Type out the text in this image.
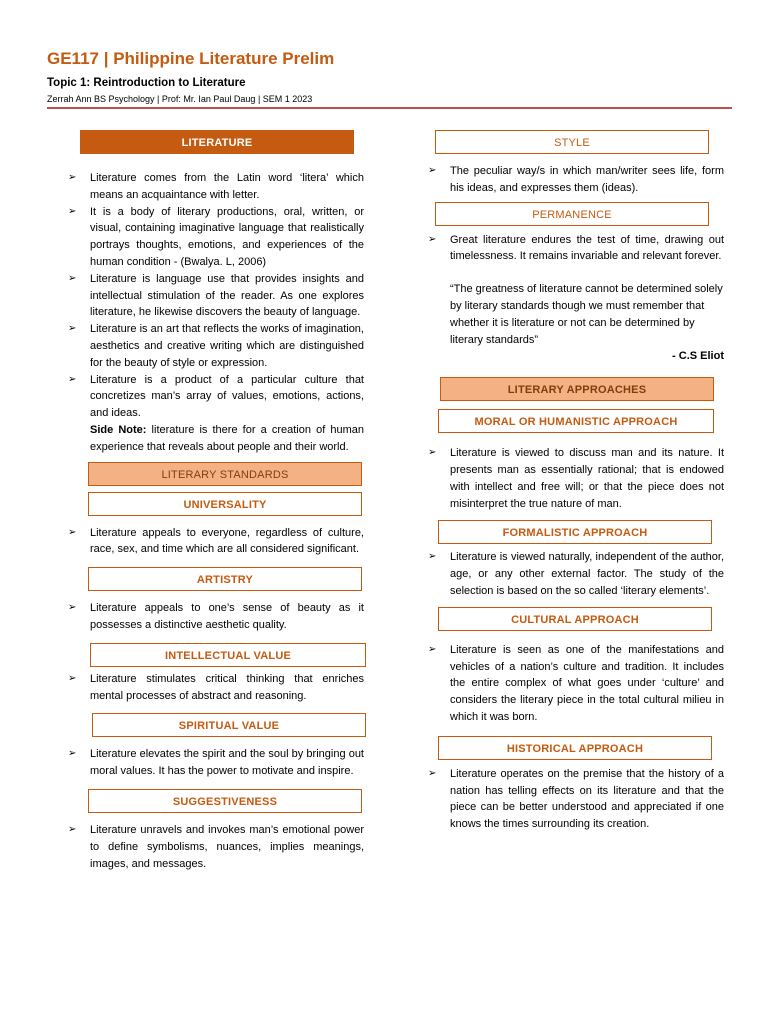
GE117 | Philippine Literature Prelim
Topic 1: Reintroduction to Literature
Zerrah Ann BS Psychology | Prof: Mr. Ian Paul Daug | SEM 1 2023
LITERATURE
➢ Literature comes from the Latin word ‘litera’ which means an acquaintance with letter.
➢ It is a body of literary productions, oral, written, or visual, containing imaginative language that realistically portrays thoughts, emotions, and experiences of the human condition - (Bwalya. L, 2006)
➢ Literature is language use that provides insights and intellectual stimulation of the reader. As one explores literature, he likewise discovers the beauty of language.
➢ Literature is an art that reflects the works of imagination, aesthetics and creative writing which are distinguished for the beauty of style or expression.
➢ Literature is a product of a particular culture that concretizes man’s array of values, emotions, actions, and ideas.
Side Note: literature is there for a creation of human experience that reveals about people and their world.
LITERARY STANDARDS
UNIVERSALITY
➢ Literature appeals to everyone, regardless of culture, race, sex, and time which are all considered significant.
ARTISTRY
➢ Literature appeals to one’s sense of beauty as it possesses a distinctive aesthetic quality.
INTELLECTUAL VALUE
➢ Literature stimulates critical thinking that enriches mental processes of abstract and reasoning.
SPIRITUAL VALUE
➢ Literature elevates the spirit and the soul by bringing out moral values. It has the power to motivate and inspire.
SUGGESTIVENESS
➢ Literature unravels and invokes man’s emotional power to define symbolisms, nuances, implies meanings, images, and messages.
STYLE
➢ The peculiar way/s in which man/writer sees life, form his ideas, and expresses them (ideas).
PERMANENCE
➢ Great literature endures the test of time, drawing out timelessness. It remains invariable and relevant forever.
“The greatness of literature cannot be determined solely by literary standards though we must remember that whether it is literature or not can be determined by literary standards”
- C.S Eliot
LITERARY APPROACHES
MORAL OR HUMANISTIC APPROACH
➢ Literature is viewed to discuss man and its nature. It presents man as essentially rational; that is endowed with intellect and free will; or that the piece does not misinterpret the true nature of man.
FORMALISTIC APPROACH
➢ Literature is viewed naturally, independent of the author, age, or any other external factor. The study of the selection is based on the so called ‘literary elements’.
CULTURAL APPROACH
➢ Literature is seen as one of the manifestations and vehicles of a nation’s culture and tradition. It includes the entire complex of what goes under ‘culture’ and considers the literary piece in the total cultural milieu in which it was born.
HISTORICAL APPROACH
➢ Literature operates on the premise that the history of a nation has telling effects on its literature and that the piece can be better understood and appreciated if one knows the times surrounding its creation.
